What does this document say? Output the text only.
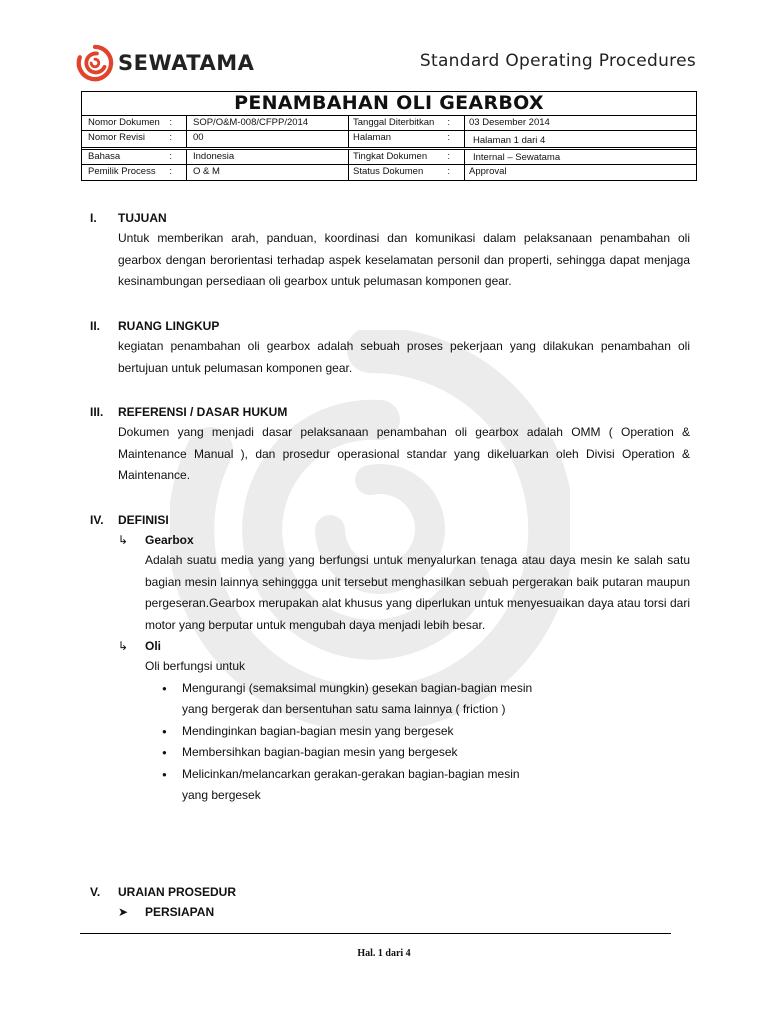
SEWATAMA	Standard Operating Procedures
PENAMBAHAN OLI GEARBOX
Nomor Dokumen :	SOP/O&M-008/CFPP/2014	Tanggal Diterbitkan :	03 Desember 2014
Nomor Revisi	:	00	Halaman	:	Halaman 1 dari 4
Bahasa	:	Indonesia	Tingkat Dokumen :	Internal – Sewatama
Pemilik Process :	O & M	Status Dokumen	:	Approval
I. TUJUAN
Untuk memberikan arah, panduan, koordinasi dan komunikasi dalam pelaksanaan penambahan oli gearbox dengan berorientasi terhadap aspek keselamatan personil dan properti, sehingga dapat menjaga kesinambungan persediaan oli gearbox untuk pelumasan komponen gear.
II. RUANG LINGKUP
kegiatan penambahan oli gearbox adalah sebuah proses pekerjaan yang dilakukan penambahan oli bertujuan untuk pelumasan komponen gear.
III. REFERENSI / DASAR HUKUM
Dokumen yang menjadi dasar pelaksanaan penambahan oli gearbox adalah OMM ( Operation & Maintenance Manual ), dan prosedur operasional standar yang dikeluarkan oleh Divisi Operation & Maintenance.
IV. DEFINISI
↳ Gearbox
Adalah suatu media yang yang berfungsi untuk menyalurkan tenaga atau daya mesin ke salah satu bagian mesin lainnya sehinggga unit tersebut menghasilkan sebuah pergerakan baik putaran maupun pergeseran.Gearbox merupakan alat khusus yang diperlukan untuk menyesuaikan daya atau torsi dari motor yang berputar untuk mengubah daya menjadi lebih besar.
↳ Oli
Oli berfungsi untuk
● Mengurangi (semaksimal mungkin) gesekan bagian-bagian mesin
yang bergerak dan bersentuhan satu sama lainnya ( friction )
● Mendinginkan bagian-bagian mesin yang bergesek
● Membersihkan bagian-bagian mesin yang bergesek
● Melicinkan/melancarkan gerakan-gerakan bagian-bagian mesin
yang bergesek
V. URAIAN PROSEDUR
➤ PERSIAPAN
Hal. 1 dari 4
